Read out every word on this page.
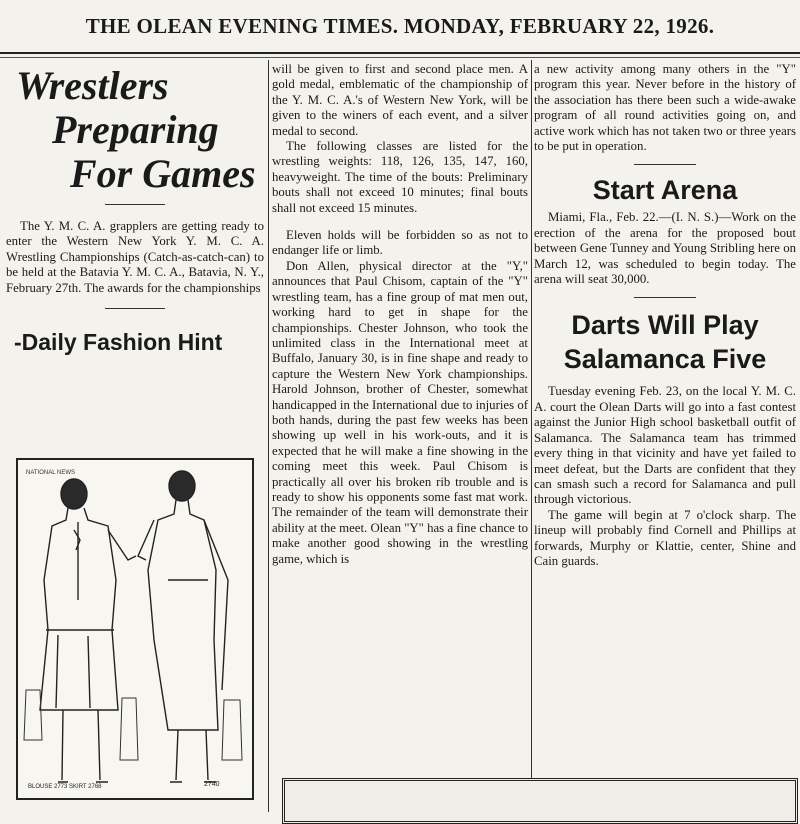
THE OLEAN EVENING TIMES. MONDAY, FEBRUARY 22, 1926.
Wrestlers
Preparing
For Games

The Y. M. C. A. grapplers are getting ready to enter the Western New York Y. M. C. A. Wrestling Championships (Catch-as-catch-can) to be held at the Batavia Y. M. C. A., Batavia, N. Y., February 27th. The awards for the championships

-Daily Fashion Hint
NATIONAL NEWS
BLOUSE 2773 SKIRT 2768	2740

will be given to first and second place men. A gold medal, emblematic of the championship of the Y. M. C. A.'s of Western New York, will be given to the winers of each event, and a silver medal to second.

The following classes are listed for the wrestling weights: 118, 126, 135, 147, 160, heavyweight. The time of the bouts: Preliminary bouts shall not exceed 10 minutes; final bouts shall not exceed 15 minutes.

Eleven holds will be forbidden so as not to endanger life or limb.

Don Allen, physical director at the "Y," announces that Paul Chisom, captain of the "Y" wrestling team, has a fine group of mat men out, working hard to get in shape for the championships. Chester Johnson, who took the unlimited class in the International meet at Buffalo, January 30, is in fine shape and ready to capture the Western New York championships. Harold Johnson, brother of Chester, somewhat handicapped in the International due to injuries of both hands, during the past few weeks has been showing up well in his work-outs, and it is expected that he will make a fine showing in the coming meet this week. Paul Chisom is practically all over his broken rib trouble and is ready to show his opponents some fast mat work. The remainder of the team will demonstrate their ability at the meet. Olean "Y" has a fine chance to make another good showing in the wrestling game, which is

a new activity among many others in the "Y" program this year. Never before in the history of the association has there been such a wide-awake program of all round activities going on, and active work which has not taken two or three years to be put in operation.

Start Arena

Miami, Fla., Feb. 22.—(I. N. S.)—Work on the erection of the arena for the proposed bout between Gene Tunney and Young Stribling here on March 12, was scheduled to begin today. The arena will seat 30,000.

Darts Will Play
Salamanca Five

Tuesday evening Feb. 23, on the local Y. M. C. A. court the Olean Darts will go into a fast contest against the Junior High school basketball outfit of Salamanca. The Salamanca team has trimmed every thing in that vicinity and have yet failed to meet defeat, but the Darts are confident that they can smash such a record for Salamanca and pull through victorious.

The game will begin at 7 o'clock sharp. The lineup will probably find Cornell and Phillips at forwards, Murphy or Klattie, center, Shine and Cain guards.
